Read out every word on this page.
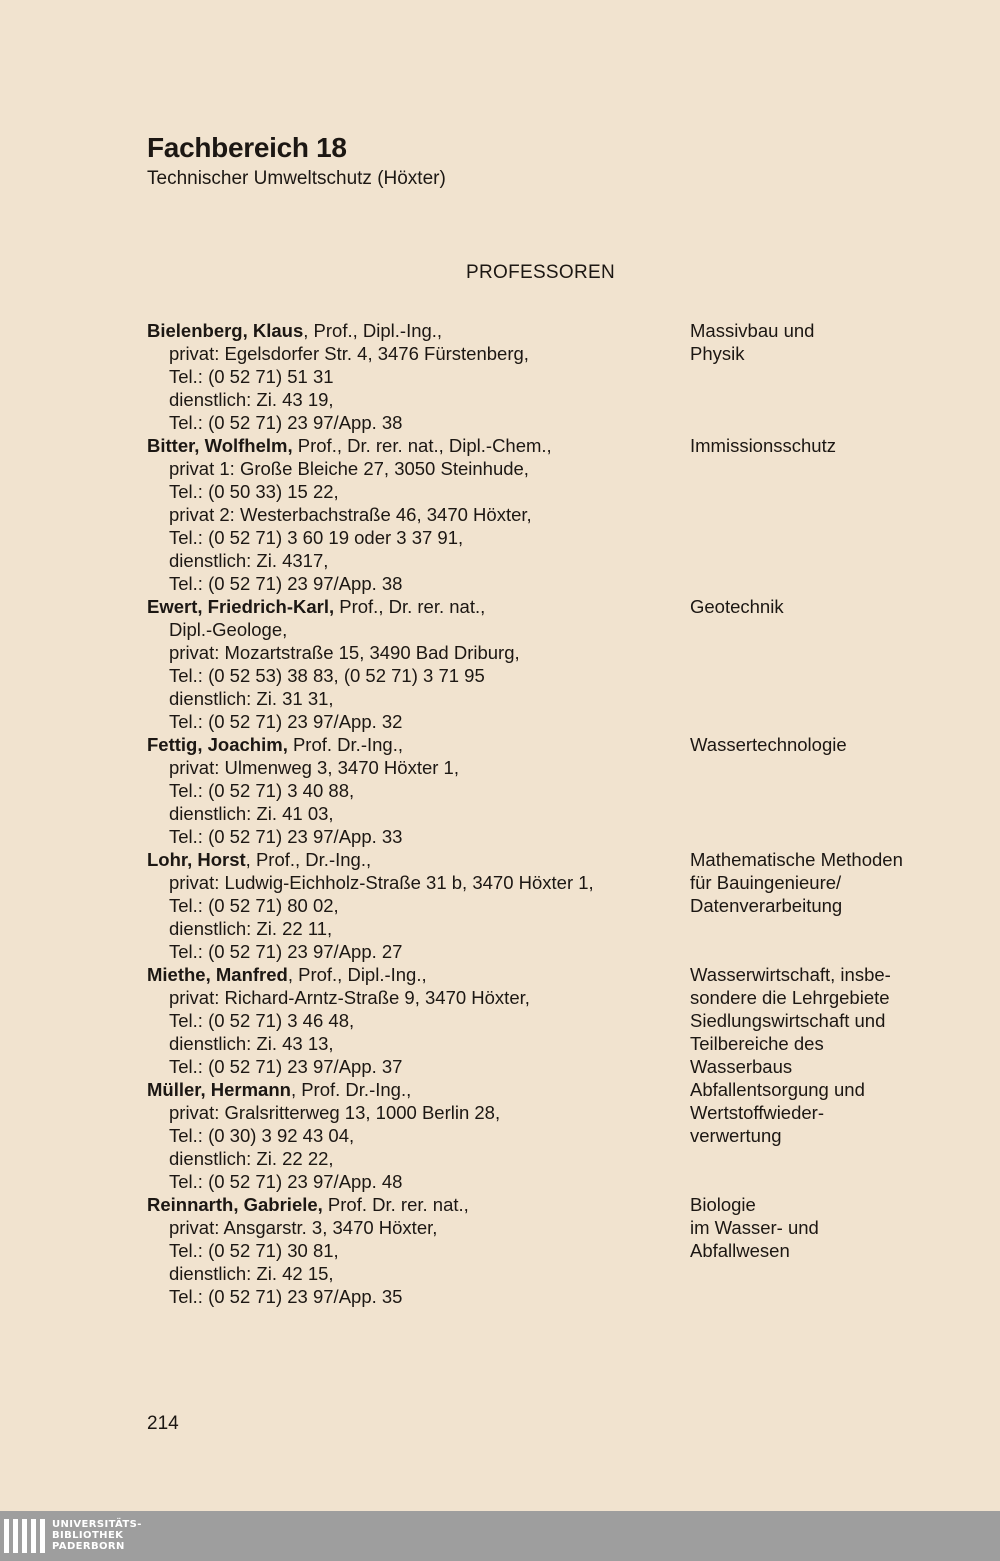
Fachbereich 18
Technischer Umweltschutz (Höxter)
PROFESSOREN
Bielenberg, Klaus, Prof., Dipl.-Ing.,
privat: Egelsdorfer Str. 4, 3476 Fürstenberg,
Tel.: (0 52 71) 51 31
dienstlich: Zi. 43 19,
Tel.: (0 52 71) 23 97/App. 38
Massivbau und
Physik
Bitter, Wolfhelm, Prof., Dr. rer. nat., Dipl.-Chem.,
privat 1: Große Bleiche 27, 3050 Steinhude,
Tel.: (0 50 33) 15 22,
privat 2: Westerbachstraße 46, 3470 Höxter,
Tel.: (0 52 71) 3 60 19 oder 3 37 91,
dienstlich: Zi. 4317,
Tel.: (0 52 71) 23 97/App. 38
Immissionsschutz
Ewert, Friedrich-Karl, Prof., Dr. rer. nat.,
Dipl.-Geologe,
privat: Mozartstraße 15, 3490 Bad Driburg,
Tel.: (0 52 53) 38 83, (0 52 71) 3 71 95
dienstlich: Zi. 31 31,
Tel.: (0 52 71) 23 97/App. 32
Geotechnik
Fettig, Joachim, Prof. Dr.-Ing.,
privat: Ulmenweg 3, 3470 Höxter 1,
Tel.: (0 52 71) 3 40 88,
dienstlich: Zi. 41 03,
Tel.: (0 52 71) 23 97/App. 33
Wassertechnologie
Lohr, Horst, Prof., Dr.-Ing.,
privat: Ludwig-Eichholz-Straße 31 b, 3470 Höxter 1,
Tel.: (0 52 71) 80 02,
dienstlich: Zi. 22 11,
Tel.: (0 52 71) 23 97/App. 27
Mathematische Methoden
für Bauingenieure/
Datenverarbeitung
Miethe, Manfred, Prof., Dipl.-Ing.,
privat: Richard-Arntz-Straße 9, 3470 Höxter,
Tel.: (0 52 71) 3 46 48,
dienstlich: Zi. 43 13,
Tel.: (0 52 71) 23 97/App. 37
Wasserwirtschaft, insbe-
sondere die Lehrgebiete
Siedlungswirtschaft und
Teilbereiche des
Wasserbaus
Müller, Hermann, Prof. Dr.-Ing.,
privat: Gralsritterweg 13, 1000 Berlin 28,
Tel.: (0 30) 3 92 43 04,
dienstlich: Zi. 22 22,
Tel.: (0 52 71) 23 97/App. 48
Abfallentsorgung und
Wertstoffwieder-
verwertung
Reinnarth, Gabriele, Prof. Dr. rer. nat.,
privat: Ansgarstr. 3, 3470 Höxter,
Tel.: (0 52 71) 30 81,
dienstlich: Zi. 42 15,
Tel.: (0 52 71) 23 97/App. 35
Biologie
im Wasser- und
Abfallwesen
214
UNIVERSITÄTS-
BIBLIOTHEK
PADERBORN
